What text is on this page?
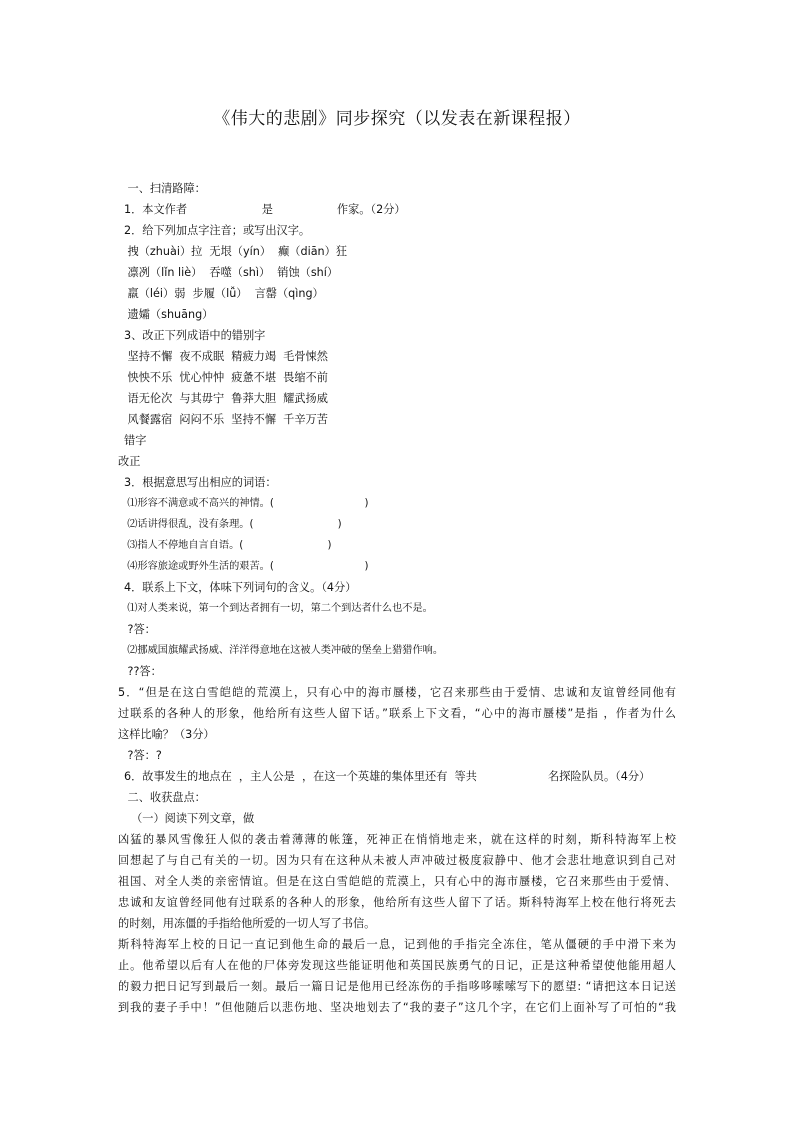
《伟大的悲剧》同步探究（以发表在新课程报）
一、扫清路障：
1．本文作者                     是                  作家。（2分）
2．给下列加点字注音；或写出汉字。
拽（zhuài）拉  无垠（yín）  癫（diān）狂
凛冽（lǐn liè）  吞噬（shì）  销蚀（shí）
羸（léi）弱  步履（lǚ）  言罄（qìng）
遗孀（shuāng）
3、改正下列成语中的错别字
坚持不懈  夜不成眠  精疲力竭  毛骨悚然
怏怏不乐  忧心忡忡  疲惫不堪  畏缩不前
语无伦次  与其毋宁  鲁莽大胆  耀武扬威
风餐露宿  闷闷不乐  坚持不懈  千辛万苦
错字
改正
3．根据意思写出相应的词语：
⑴形容不满意或不高兴的神情。(                            )
⑵话讲得很乱，没有条理。(                          )
⑶指人不停地自言自语。(                          )
⑷形容旅途或野外生活的艰苦。(                            )
4．联系上下文，体味下列词句的含义。（4分）
⑴对人类来说，第一个到达者拥有一切，第二个到达者什么也不是。
?答：
⑵挪威国旗耀武扬威、洋洋得意地在这被人类冲破的堡垒上猎猎作响。
??答：
5．“但是在这白雪皑皑的荒漠上，只有心中的海市蜃楼，它召来那些由于爱情、忠诚和友谊曾经同他有
过联系的各种人的形象，他给所有这些人留下话。”联系上下文看，“心中的海市蜃楼”是指 ，作者为什么
这样比喻？（3分）
?答：?
6．故事发生的地点在  ，主人公是  ，在这一个英雄的集体里还有  等共                    名探险队员。（4分）
二、收获盘点：
（一）阅读下列文章，做
凶猛的暴风雪像狂人似的袭击着薄薄的帐篷，死神正在悄悄地走来，就在这样的时刻，斯科特海军上校
回想起了与自己有关的一切。因为只有在这种从未被人声冲破过极度寂静中、他才会悲壮地意识到自己对
祖国、对全人类的亲密情谊。但是在这白雪皑皑的荒漠上，只有心中的海市蜃楼，它召来那些由于爱情、
忠诚和友谊曾经同他有过联系的各种人的形象，他给所有这些人留下了话。斯科特海军上校在他行将死去
的时刻，用冻僵的手指给他所爱的一切人写了书信。
斯科特海军上校的日记一直记到他生命的最后一息，记到他的手指完全冻住，笔从僵硬的手中滑下来为
止。他希望以后有人在他的尸体旁发现这些能证明他和英国民族勇气的日记，正是这种希望使他能用超人
的毅力把日记写到最后一刻。最后一篇日记是他用已经冻伤的手指哆哆嗦嗦写下的愿望: “请把这本日记送
到我的妻子手中！”但他随后以悲伤地、坚决地划去了“我的妻子”这几个字，在它们上面补写了可怕的“我
